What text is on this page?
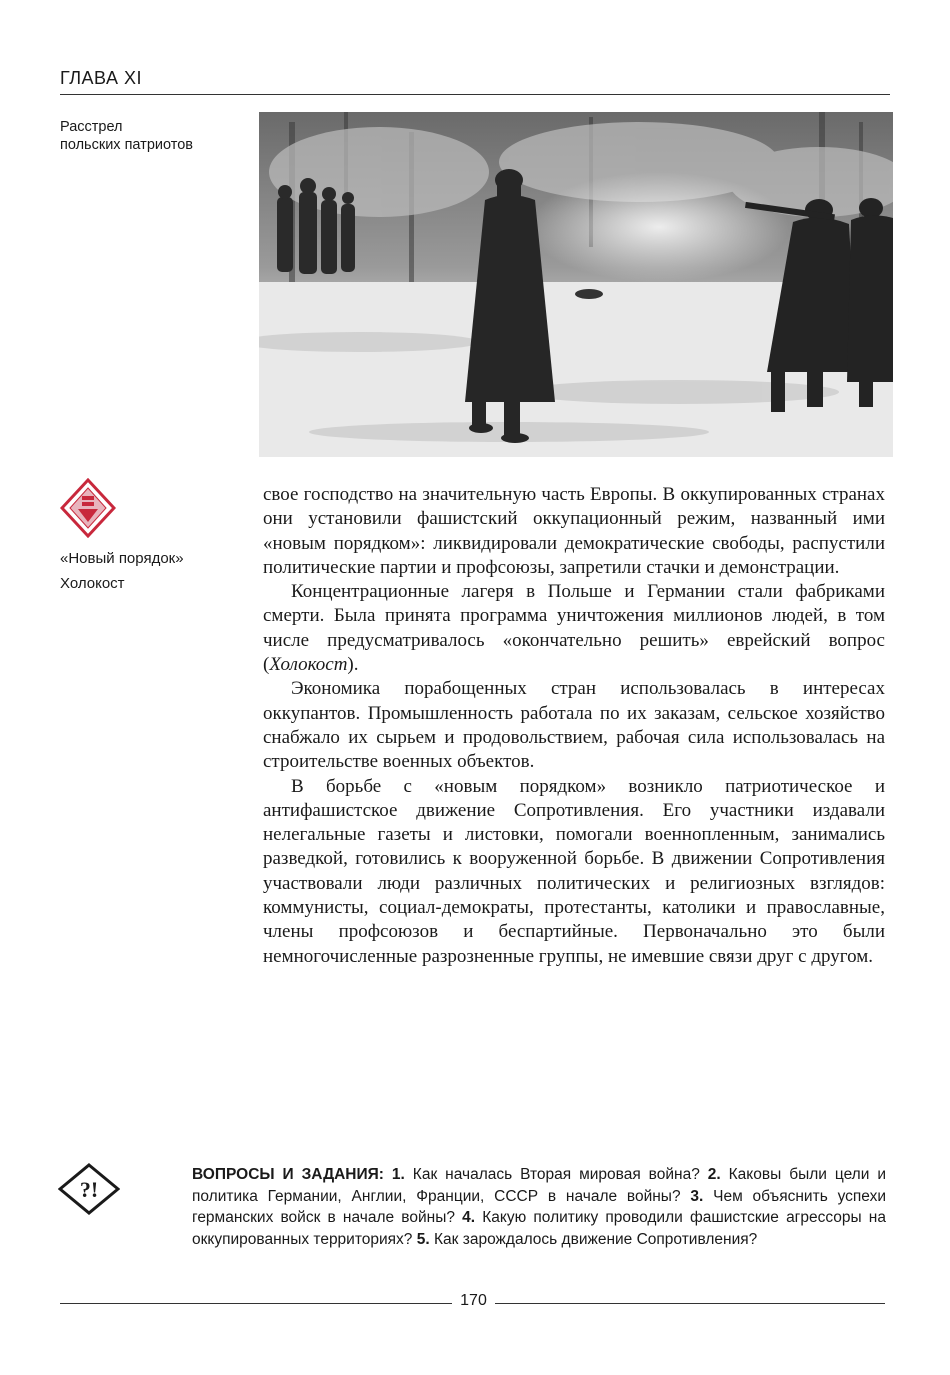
ГЛАВА XI
Расстрел
польских патриотов
«Новый порядок»
Холокост

свое господство на значительную часть Европы. В оккупированных странах они установили фашистский оккупационный режим, названный ими «новым порядком»: ликвидировали демократические свободы, распустили политические партии и профсоюзы, запретили стачки и демонстрации.

Концентрационные лагеря в Польше и Германии стали фабриками смерти. Была принята программа уничтожения миллионов людей, в том числе предусматривалось «окончательно решить» еврейский вопрос (Холокост).

Экономика порабощенных стран использовалась в интересах оккупантов. Промышленность работала по их заказам, сельское хозяйство снабжало их сырьем и продовольствием, рабочая сила использовалась на строительстве военных объектов.

В борьбе с «новым порядком» возникло патриотическое и антифашистское движение Сопротивления. Его участники издавали нелегальные газеты и листовки, помогали военнопленным, занимались разведкой, готовились к вооруженной борьбе. В движении Сопротивления участвовали люди различных политических и религиозных взглядов: коммунисты, социал-демократы, протестанты, католики и православные, члены профсоюзов и беспартийные. Первоначально это были немногочисленные разрозненные группы, не имевшие связи друг с другом.

?!
ВОПРОСЫ И ЗАДАНИЯ: 1. Как началась Вторая мировая война? 2. Каковы были цели и политика Германии, Англии, Франции, СССР в начале войны? 3. Чем объяснить успехи германских войск в начале войны? 4. Какую политику проводили фашистские агрессоры на оккупированных территориях? 5. Как зарождалось движение Сопротивления?
170
